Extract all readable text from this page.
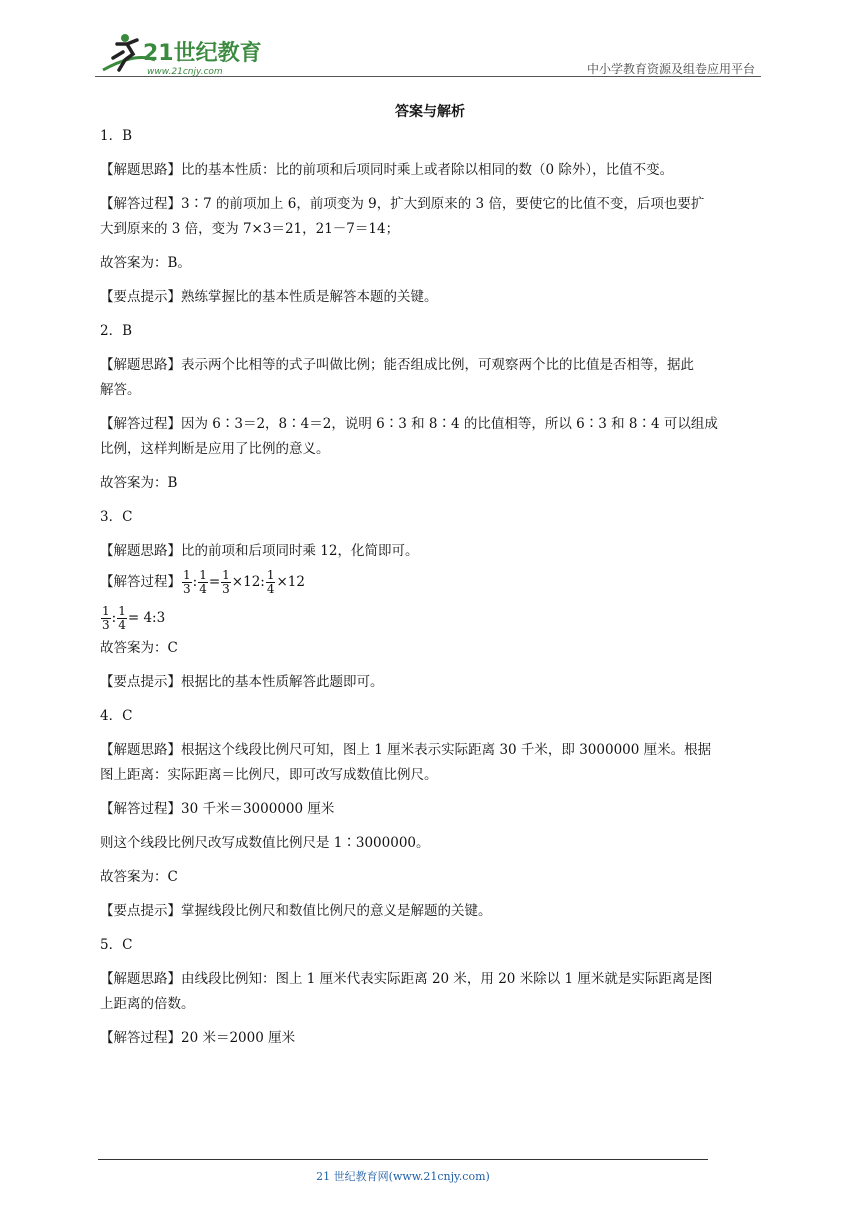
21世纪教育
www.21cnjy.com	中小学教育资源及组卷应用平台
答案与解析

1．B

【解题思路】比的基本性质：比的前项和后项同时乘上或者除以相同的数（0 除外），比值不变。

【解答过程】3∶7 的前项加上 6，前项变为 9，扩大到原来的 3 倍，要使它的比值不变，后项也要扩

大到原来的 3 倍，变为 7×3＝21，21－7＝14；

故答案为：B。

【要点提示】熟练掌握比的基本性质是解答本题的关键。

2．B

【解题思路】表示两个比相等的式子叫做比例；能否组成比例，可观察两个比的比值是否相等，据此

解答。

【解答过程】因为 6∶3＝2，8∶4＝2，说明 6∶3 和 8∶4 的比值相等，所以 6∶3 和 8∶4 可以组成

比例，这样判断是应用了比例的意义。

故答案为：B

3．C

【解题思路】比的前项和后项同时乘 12，化简即可。

【解答过程】 $\frac{1}{3}$ : $\frac{1}{4} = \frac{1}{3} \times 12$: $\frac{1}{4} \times 12$
$\frac{1}{3}$ : $\frac{1}{4}$ = 4:3

故答案为：C

【要点提示】根据比的基本性质解答此题即可。

4．C

【解题思路】根据这个线段比例尺可知，图上 1 厘米表示实际距离 30 千米，即 3000000 厘米。根据

图上距离：实际距离＝比例尺，即可改写成数值比例尺。

【解答过程】30 千米＝3000000 厘米

则这个线段比例尺改写成数值比例尺是 1∶3000000。

故答案为：C

【要点提示】掌握线段比例尺和数值比例尺的意义是解题的关键。

5．C

【解题思路】由线段比例知：图上 1 厘米代表实际距离 20 米，用 20 米除以 1 厘米就是实际距离是图

上距离的倍数。

【解答过程】20 米＝2000 厘米

21 世纪教育网(www.21cnjy.com)
